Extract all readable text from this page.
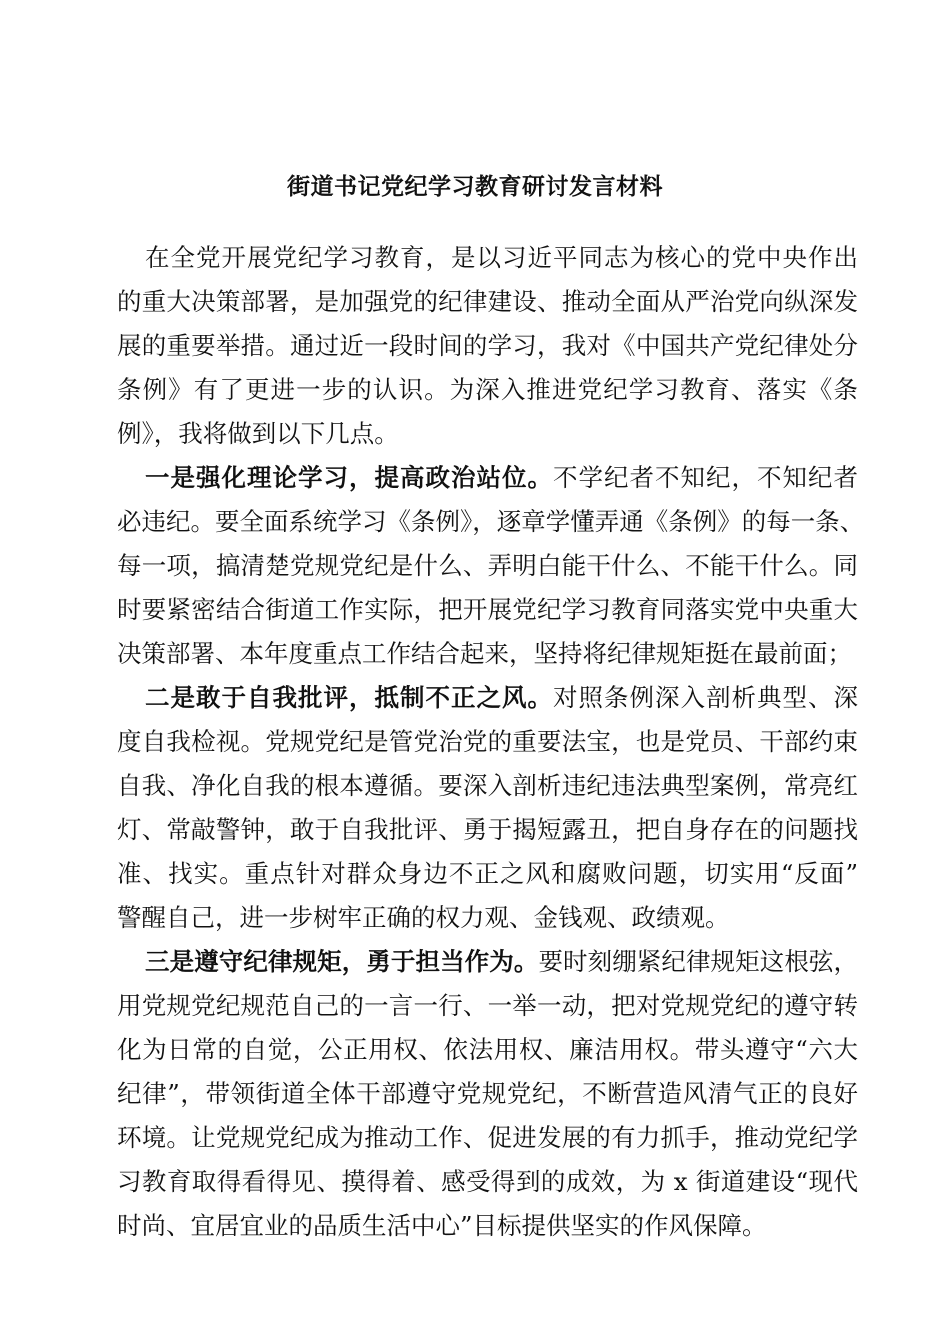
街道书记党纪学习教育研讨发言材料
在全党开展党纪学习教育，是以习近平同志为核心的党中央作出
的重大决策部署，是加强党的纪律建设、推动全面从严治党向纵深发
展的重要举措。通过近一段时间的学习，我对《中国共产党纪律处分
条例》有了更进一步的认识。为深入推进党纪学习教育、落实《条
例》，我将做到以下几点。
一是强化理论学习，提高政治站位。不学纪者不知纪，不知纪者
必违纪。要全面系统学习《条例》，逐章学懂弄通《条例》的每一条、
每一项，搞清楚党规党纪是什么、弄明白能干什么、不能干什么。同
时要紧密结合街道工作实际，把开展党纪学习教育同落实党中央重大
决策部署、本年度重点工作结合起来，坚持将纪律规矩挺在最前面；
二是敢于自我批评，抵制不正之风。对照条例深入剖析典型、深
度自我检视。党规党纪是管党治党的重要法宝，也是党员、干部约束
自我、净化自我的根本遵循。要深入剖析违纪违法典型案例，常亮红
灯、常敲警钟，敢于自我批评、勇于揭短露丑，把自身存在的问题找
准、找实。重点针对群众身边不正之风和腐败问题，切实用“反面”
警醒自己，进一步树牢正确的权力观、金钱观、政绩观。
三是遵守纪律规矩，勇于担当作为。要时刻绷紧纪律规矩这根弦，
用党规党纪规范自己的一言一行、一举一动，把对党规党纪的遵守转
化为日常的自觉，公正用权、依法用权、廉洁用权。带头遵守“六大
纪律”，带领街道全体干部遵守党规党纪，不断营造风清气正的良好
环境。让党规党纪成为推动工作、促进发展的有力抓手，推动党纪学
习教育取得看得见、摸得着、感受得到的成效，为 x 街道建设“现代
时尚、宜居宜业的品质生活中心”目标提供坚实的作风保障。
